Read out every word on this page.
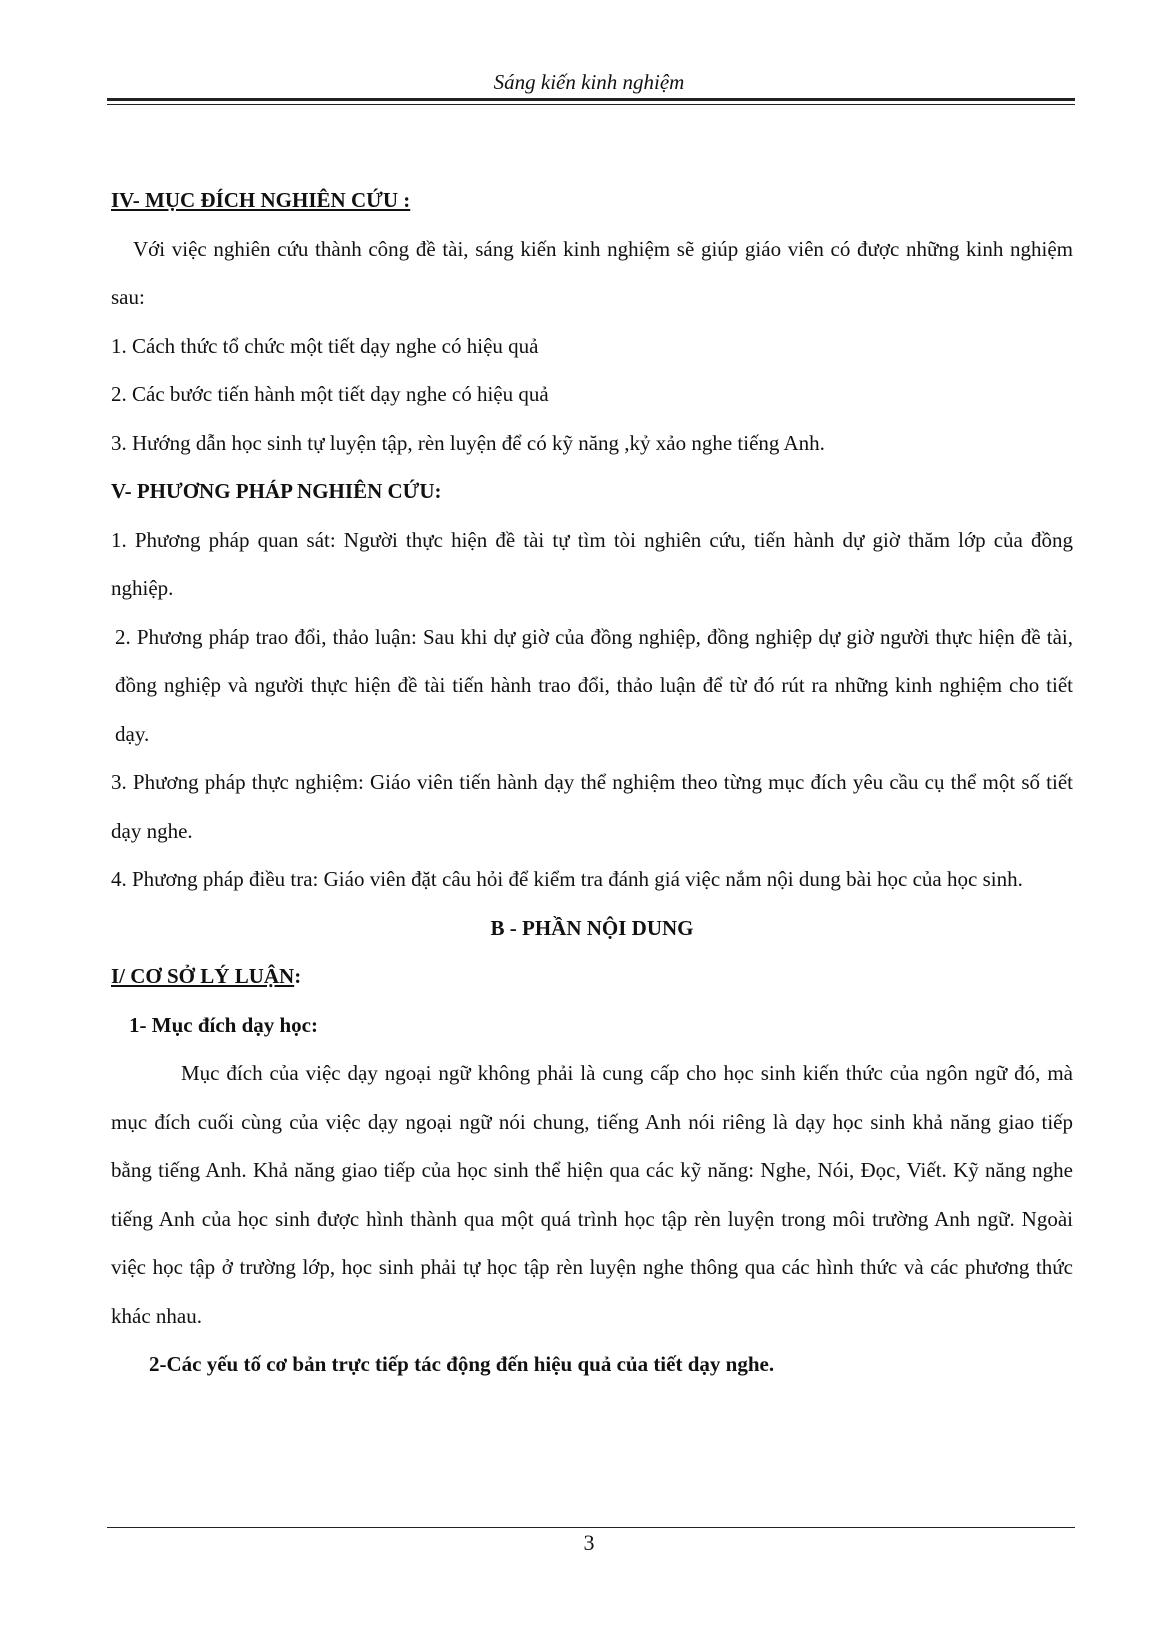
Sáng kiến kinh nghiệm

IV- MỤC ĐÍCH NGHIÊN CỨU :

Với việc nghiên cứu thành công đề tài, sáng kiến kinh nghiệm sẽ giúp giáo viên có được những kinh nghiệm sau:

1. Cách thức tổ chức một tiết dạy nghe có hiệu quả

2. Các bước tiến hành một tiết dạy nghe có hiệu quả

3. Hướng dẫn học sinh tự luyện tập, rèn luyện để có kỹ năng ,kỷ xảo nghe tiếng Anh.

V- PHƯƠNG PHÁP NGHIÊN CỨU:

1. Phương pháp quan sát: Người thực hiện đề tài tự tìm tòi nghiên cứu, tiến hành dự giờ thăm lớp của đồng nghiệp.

2. Phương pháp trao đổi, thảo luận: Sau khi dự giờ của đồng nghiệp, đồng nghiệp dự giờ người thực hiện đề tài, đồng nghiệp và người thực hiện đề tài tiến hành trao đổi, thảo luận để từ đó rút ra những kinh nghiệm cho tiết dạy.

3. Phương pháp thực nghiệm: Giáo viên tiến hành dạy thể nghiệm theo từng mục đích yêu cầu cụ thể một số tiết dạy nghe.

4. Phương pháp điều tra: Giáo viên đặt câu hỏi để kiểm tra đánh giá việc nắm nội dung bài học của học sinh.

B - PHẦN NỘI DUNG

I/ CƠ SỞ LÝ LUẬN:

1- Mục đích dạy học:

Mục đích của việc dạy ngoại ngữ không phải là cung cấp cho học sinh kiến thức của ngôn ngữ đó, mà mục đích cuối cùng của việc dạy ngoại ngữ nói chung, tiếng Anh nói riêng là dạy học sinh khả năng giao tiếp bằng tiếng Anh. Khả năng giao tiếp của học sinh thể hiện qua các kỹ năng: Nghe, Nói, Đọc, Viết. Kỹ năng nghe tiếng Anh của học sinh được hình thành qua một quá trình học tập rèn luyện trong môi trường Anh ngữ. Ngoài việc học tập ở trường lớp, học sinh phải tự học tập rèn luyện nghe thông qua các hình thức và các phương thức khác nhau.

2-Các yếu tố cơ bản trực tiếp tác động đến hiệu quả của tiết dạy nghe.

3
